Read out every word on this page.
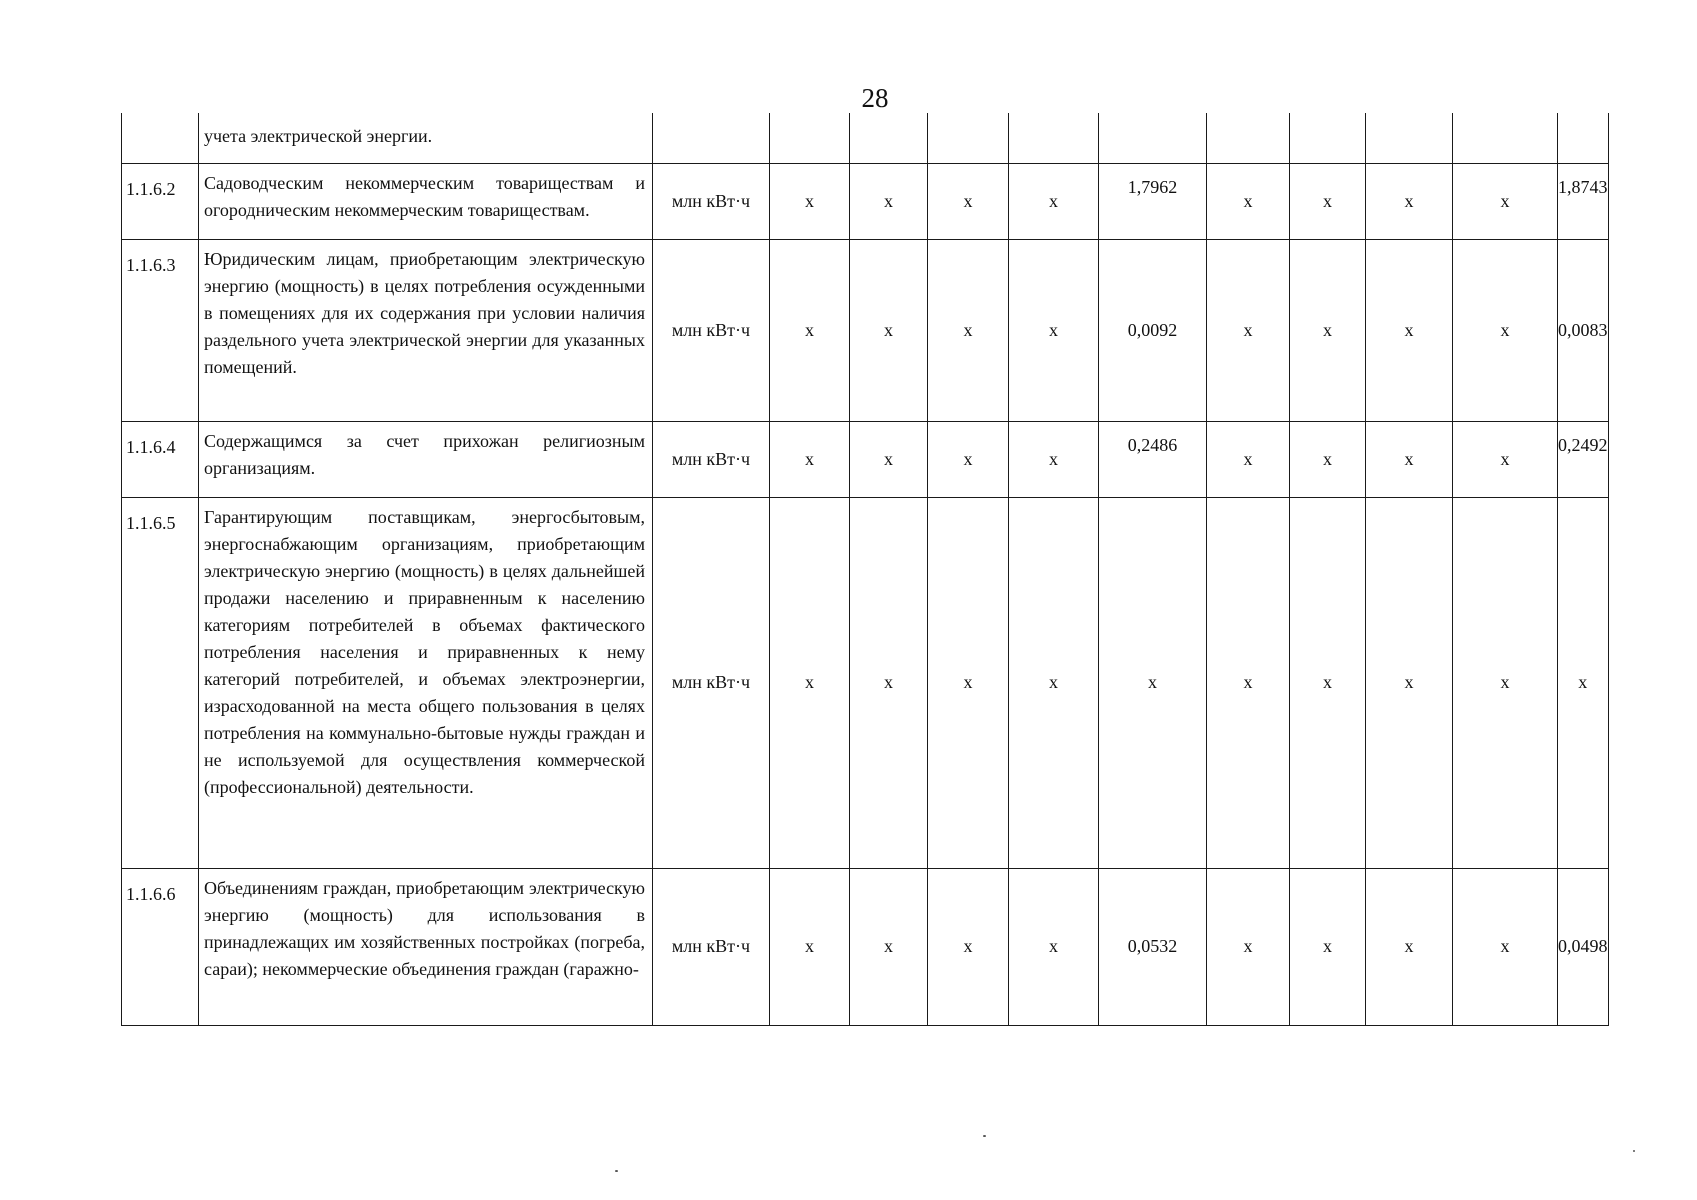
28
	учета электрической энергии.											
1.1.6.2	Садоводческим некоммерческим товариществам и огородническим некоммерческим товариществам.	млн кВт·ч	х	х	х	х	1,7962	х	х	х	х	1,8743
1.1.6.3	Юридическим лицам, приобретающим электрическую энергию (мощность) в целях потребления осужденными в помещениях для их содержания при условии наличия раздельного учета электрической энергии для указанных помещений.	млн кВт·ч	х	х	х	х	0,0092	х	х	х	х	0,0083
1.1.6.4	Содержащимся за счет прихожан религиозным организациям.	млн кВт·ч	х	х	х	х	0,2486	х	х	х	х	0,2492
1.1.6.5	Гарантирующим поставщикам, энергосбытовым, энергоснабжающим организациям, приобретающим электрическую энергию (мощность) в целях дальнейшей продажи населению и приравненным к населению категориям потребителей в объемах фактического потребления населения и приравненных к нему категорий потребителей, и объемах электроэнергии, израсходованной на места общего пользования в целях потребления на коммунально-бытовые нужды граждан и не используемой для осуществления коммерческой (профессиональной) деятельности.	млн кВт·ч	х	х	х	х	х	х	х	х	х	х
1.1.6.6	Объединениям граждан, приобретающим электрическую энергию (мощность) для использования в принадлежащих им хозяйственных постройках (погреба, сараи); некоммерческие объединения граждан (гаражно-	млн кВт·ч	х	х	х	х	0,0532	х	х	х	х	0,0498
